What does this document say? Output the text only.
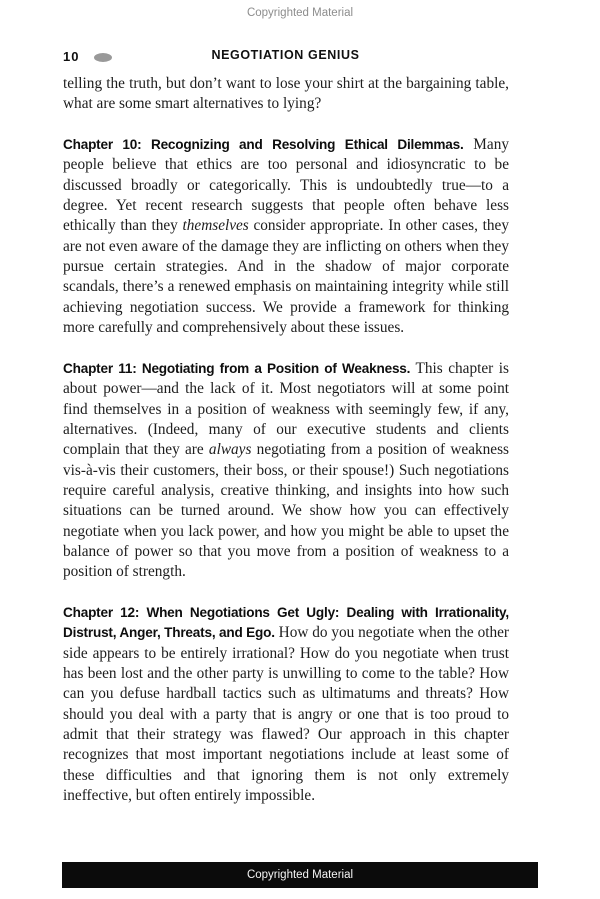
Copyrighted Material
10	NEGOTIATION GENIUS

telling the truth, but don’t want to lose your shirt at the bargaining table, what are some smart alternatives to lying?

Chapter 10: Recognizing and Resolving Ethical Dilemmas. Many people believe that ethics are too personal and idiosyncratic to be discussed broadly or categorically. This is undoubtedly true—to a degree. Yet recent research suggests that people often behave less ethically than they themselves consider appropriate. In other cases, they are not even aware of the damage they are inflicting on others when they pursue certain strategies. And in the shadow of major corporate scandals, there’s a renewed emphasis on maintaining integrity while still achieving negotiation success. We provide a framework for thinking more carefully and comprehensively about these issues.

Chapter 11: Negotiating from a Position of Weakness. This chapter is about power—and the lack of it. Most negotiators will at some point find themselves in a position of weakness with seemingly few, if any, alternatives. (Indeed, many of our executive students and clients complain that they are always negotiating from a position of weakness vis-à-vis their customers, their boss, or their spouse!) Such negotiations require careful analysis, creative thinking, and insights into how such situations can be turned around. We show how you can effectively negotiate when you lack power, and how you might be able to upset the balance of power so that you move from a position of weakness to a position of strength.

Chapter 12: When Negotiations Get Ugly: Dealing with Irrationality, Distrust, Anger, Threats, and Ego. How do you negotiate when the other side appears to be entirely irrational? How do you negotiate when trust has been lost and the other party is unwilling to come to the table? How can you defuse hardball tactics such as ultimatums and threats? How should you deal with a party that is angry or one that is too proud to admit that their strategy was flawed? Our approach in this chapter recognizes that most important negotiations include at least some of these difficulties and that ignoring them is not only extremely ineffective, but often entirely impossible.

Copyrighted Material
